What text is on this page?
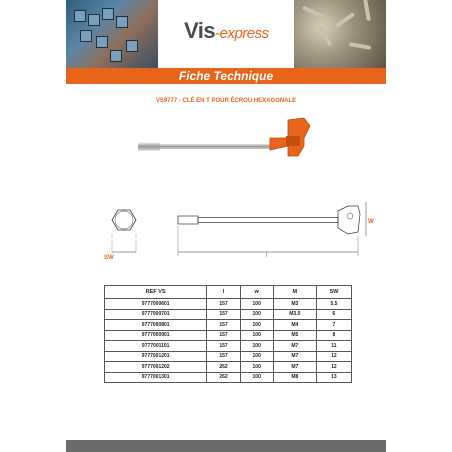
Vis-express
Fiche Technique
VS9777 - CLÉ EN T POUR ÉCROU HEXAGONALE
SW	l
W
REF VS	l	w	M	SW
9777000601	157	100	M3	5.5
9777000701	157	100	M3.5	6
9777000801	157	100	M4	7
9777000901	157	100	M5	8
9777001101	157	100	M7	11
9777001201	157	100	M7	12
9777001202	262	100	M7	12
9777001301	262	100	M8	13
